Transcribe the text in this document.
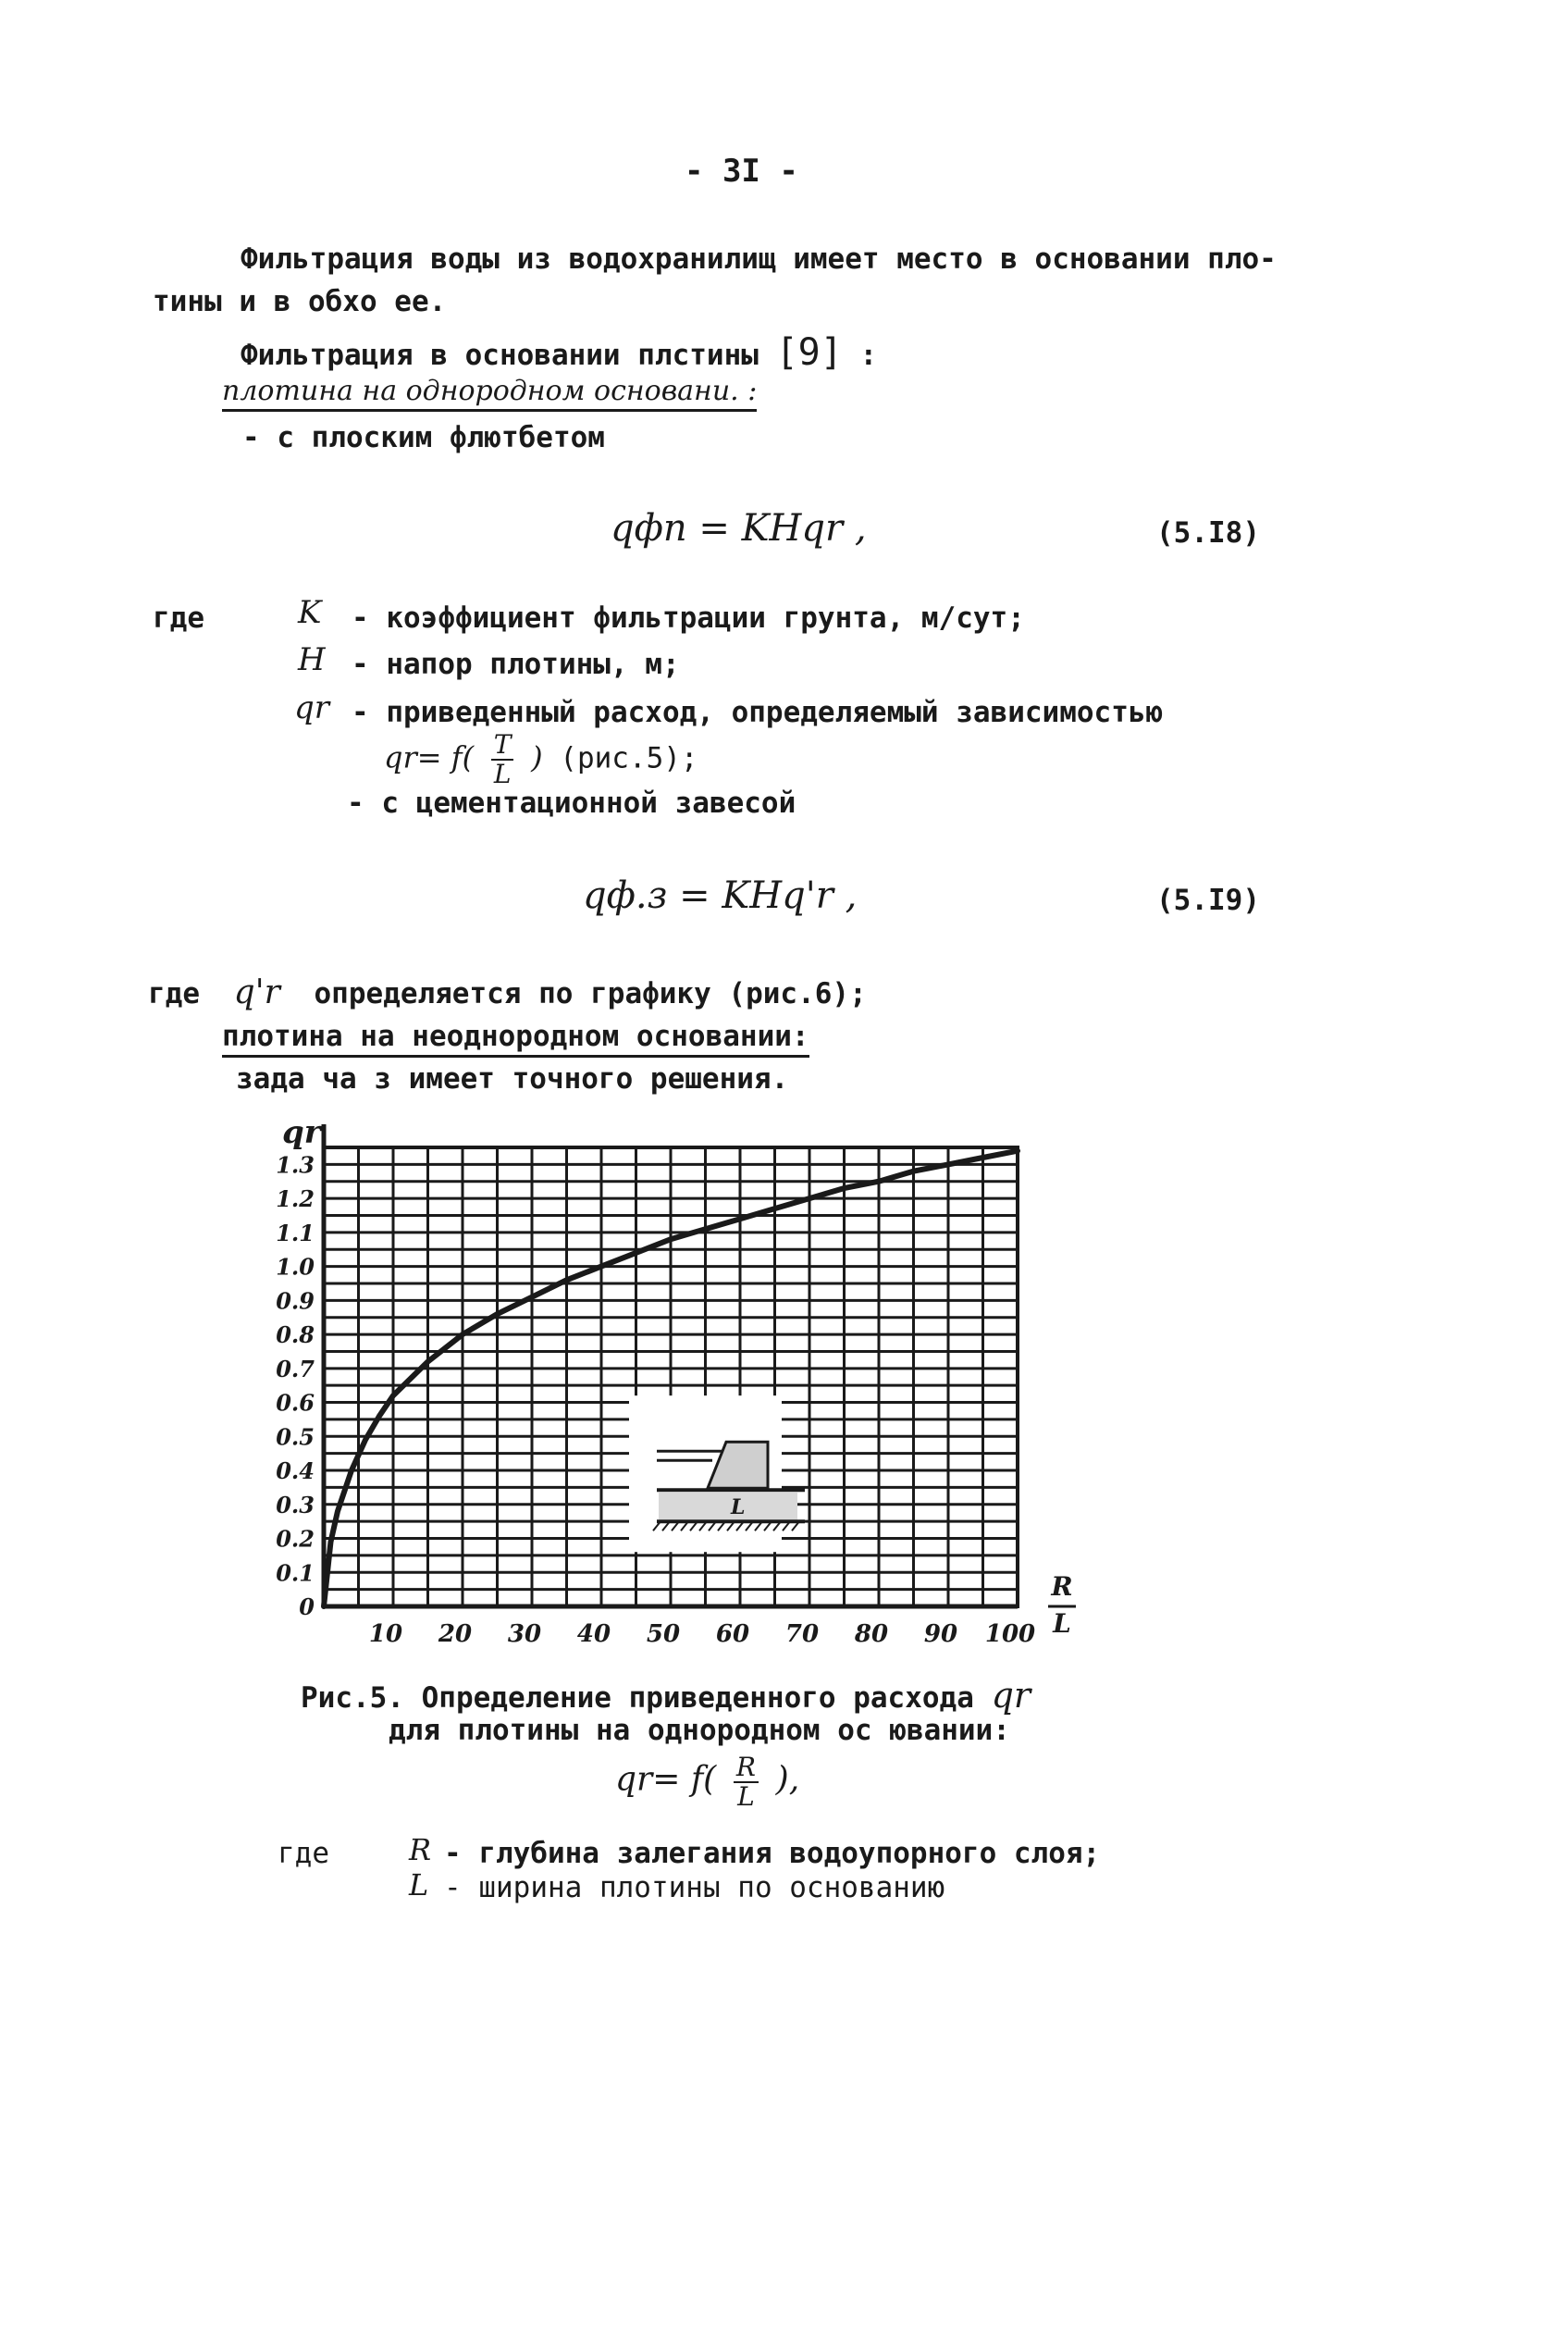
- 3I -
Фильтрация воды из водохранилищ имеет место в основании пло-
тины и в обхо ее.
Фильтрация в основании плстины [9] :
плотина на однородном основани. :
- с плоским флютбетом
qфп = KHqr ,	(5.I8)
где	K - коэффициент фильтрации грунта, м/сут;
H - напор плотины, м;
qr - приведенный расход, определяемый зависимостью
$qr= f( \frac{T}{L}$ ) (рис.5);
- с цементационной завесой
qф.з = KHq'r ,	(5.I9)
где q'r определяется по графику (рис.6);
плотина на неоднородном основании:
зада ча з имеет точного решения.
L
0
0.1
0.2
0.3
0.4
0.5
0.6
0.7
0.8
0.9
1.0
1.1
1.2
1.3
10 20 30 40 50 60 70 80 90 100
qr
R
L
Рис.5. Определение приведенного расхода qr
для плотины на однородном ос ювании:
$qr= f( \frac{R}{L}$ ),
где	R - глубина залегания водоупорного слоя;
L - ширина плотины по основанию
